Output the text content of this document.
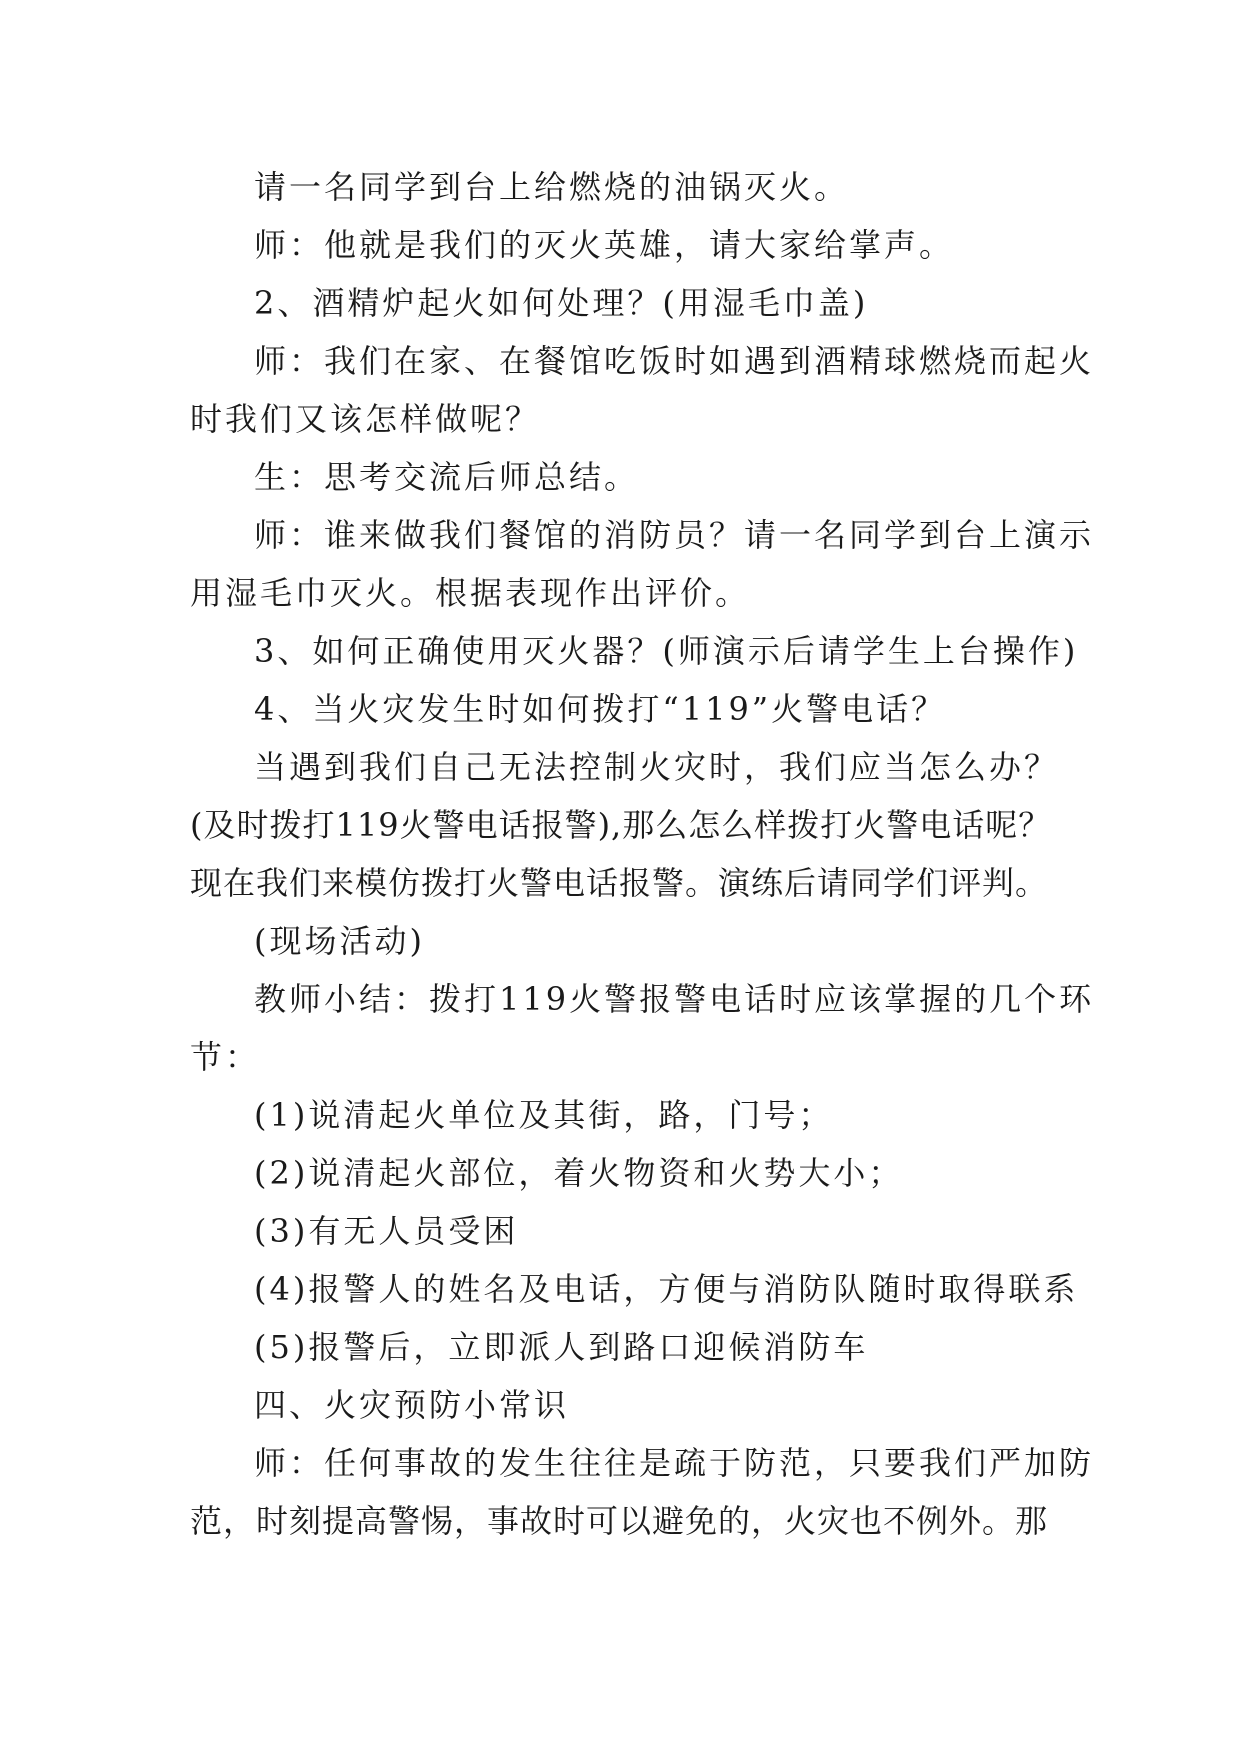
请一名同学到台上给燃烧的油锅灭火。
师：他就是我们的灭火英雄，请大家给掌声。
2、酒精炉起火如何处理？(用湿毛巾盖)
师：我们在家、在餐馆吃饭时如遇到酒精球燃烧而起火
时我们又该怎样做呢？
生：思考交流后师总结。
师：谁来做我们餐馆的消防员？请一名同学到台上演示
用湿毛巾灭火。根据表现作出评价。
3、如何正确使用灭火器？(师演示后请学生上台操作)
4、当火灾发生时如何拨打“119”火警电话？
当遇到我们自己无法控制火灾时，我们应当怎么办？
(及时拨打119火警电话报警),那么怎么样拨打火警电话呢？
现在我们来模仿拨打火警电话报警。演练后请同学们评判。
(现场活动)
教师小结：拨打119火警报警电话时应该掌握的几个环
节：
(1)说清起火单位及其街，路，门号；
(2)说清起火部位，着火物资和火势大小；
(3)有无人员受困
(4)报警人的姓名及电话，方便与消防队随时取得联系
(5)报警后，立即派人到路口迎候消防车
四、火灾预防小常识
师：任何事故的发生往往是疏于防范，只要我们严加防
范，时刻提高警惕，事故时可以避免的，火灾也不例外。那
